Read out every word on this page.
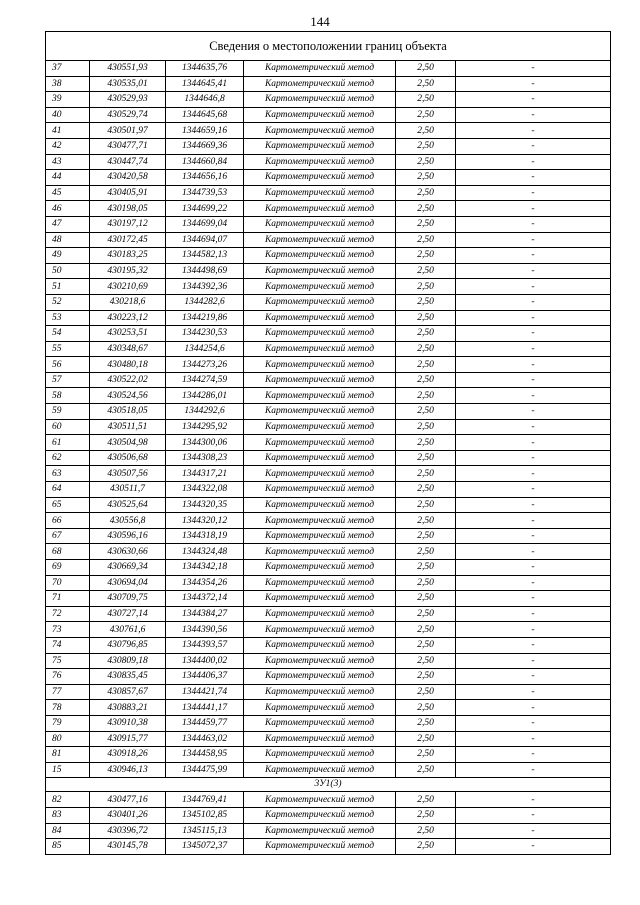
144
Сведения о местоположении границ объекта					
37	430551,93	1344635,76	Картометрический метод	2,50	-
38	430535,01	1344645,41	Картометрический метод	2,50	-
39	430529,93	1344646,8	Картометрический метод	2,50	-
40	430529,74	1344645,68	Картометрический метод	2,50	-
41	430501,97	1344659,16	Картометрический метод	2,50	-
42	430477,71	1344669,36	Картометрический метод	2,50	-
43	430447,74	1344660,84	Картометрический метод	2,50	-
44	430420,58	1344656,16	Картометрический метод	2,50	-
45	430405,91	1344739,53	Картометрический метод	2,50	-
46	430198,05	1344699,22	Картометрический метод	2,50	-
47	430197,12	1344699,04	Картометрический метод	2,50	-
48	430172,45	1344694,07	Картометрический метод	2,50	-
49	430183,25	1344582,13	Картометрический метод	2,50	-
50	430195,32	1344498,69	Картометрический метод	2,50	-
51	430210,69	1344392,36	Картометрический метод	2,50	-
52	430218,6	1344282,6	Картометрический метод	2,50	-
53	430223,12	1344219,86	Картометрический метод	2,50	-
54	430253,51	1344230,53	Картометрический метод	2,50	-
55	430348,67	1344254,6	Картометрический метод	2,50	-
56	430480,18	1344273,26	Картометрический метод	2,50	-
57	430522,02	1344274,59	Картометрический метод	2,50	-
58	430524,56	1344286,01	Картометрический метод	2,50	-
59	430518,05	1344292,6	Картометрический метод	2,50	-
60	430511,51	1344295,92	Картометрический метод	2,50	-
61	430504,98	1344300,06	Картометрический метод	2,50	-
62	430506,68	1344308,23	Картометрический метод	2,50	-
63	430507,56	1344317,21	Картометрический метод	2,50	-
64	430511,7	1344322,08	Картометрический метод	2,50	-
65	430525,64	1344320,35	Картометрический метод	2,50	-
66	430556,8	1344320,12	Картометрический метод	2,50	-
67	430596,16	1344318,19	Картометрический метод	2,50	-
68	430630,66	1344324,48	Картометрический метод	2,50	-
69	430669,34	1344342,18	Картометрический метод	2,50	-
70	430694,04	1344354,26	Картометрический метод	2,50	-
71	430709,75	1344372,14	Картометрический метод	2,50	-
72	430727,14	1344384,27	Картометрический метод	2,50	-
73	430761,6	1344390,56	Картометрический метод	2,50	-
74	430796,85	1344393,57	Картометрический метод	2,50	-
75	430809,18	1344400,02	Картометрический метод	2,50	-
76	430835,45	1344406,37	Картометрический метод	2,50	-
77	430857,67	1344421,74	Картометрический метод	2,50	-
78	430883,21	1344441,17	Картометрический метод	2,50	-
79	430910,38	1344459,77	Картометрический метод	2,50	-
80	430915,77	1344463,02	Картометрический метод	2,50	-
81	430918,26	1344458,95	Картометрический метод	2,50	-
15	430946,13	1344475,99	Картометрический метод	2,50	-
3У1(3)					
82	430477,16	1344769,41	Картометрический метод	2,50	-
83	430401,26	1345102,85	Картометрический метод	2,50	-
84	430396,72	1345115,13	Картометрический метод	2,50	-
85	430145,78	1345072,37	Картометрический метод	2,50	-
